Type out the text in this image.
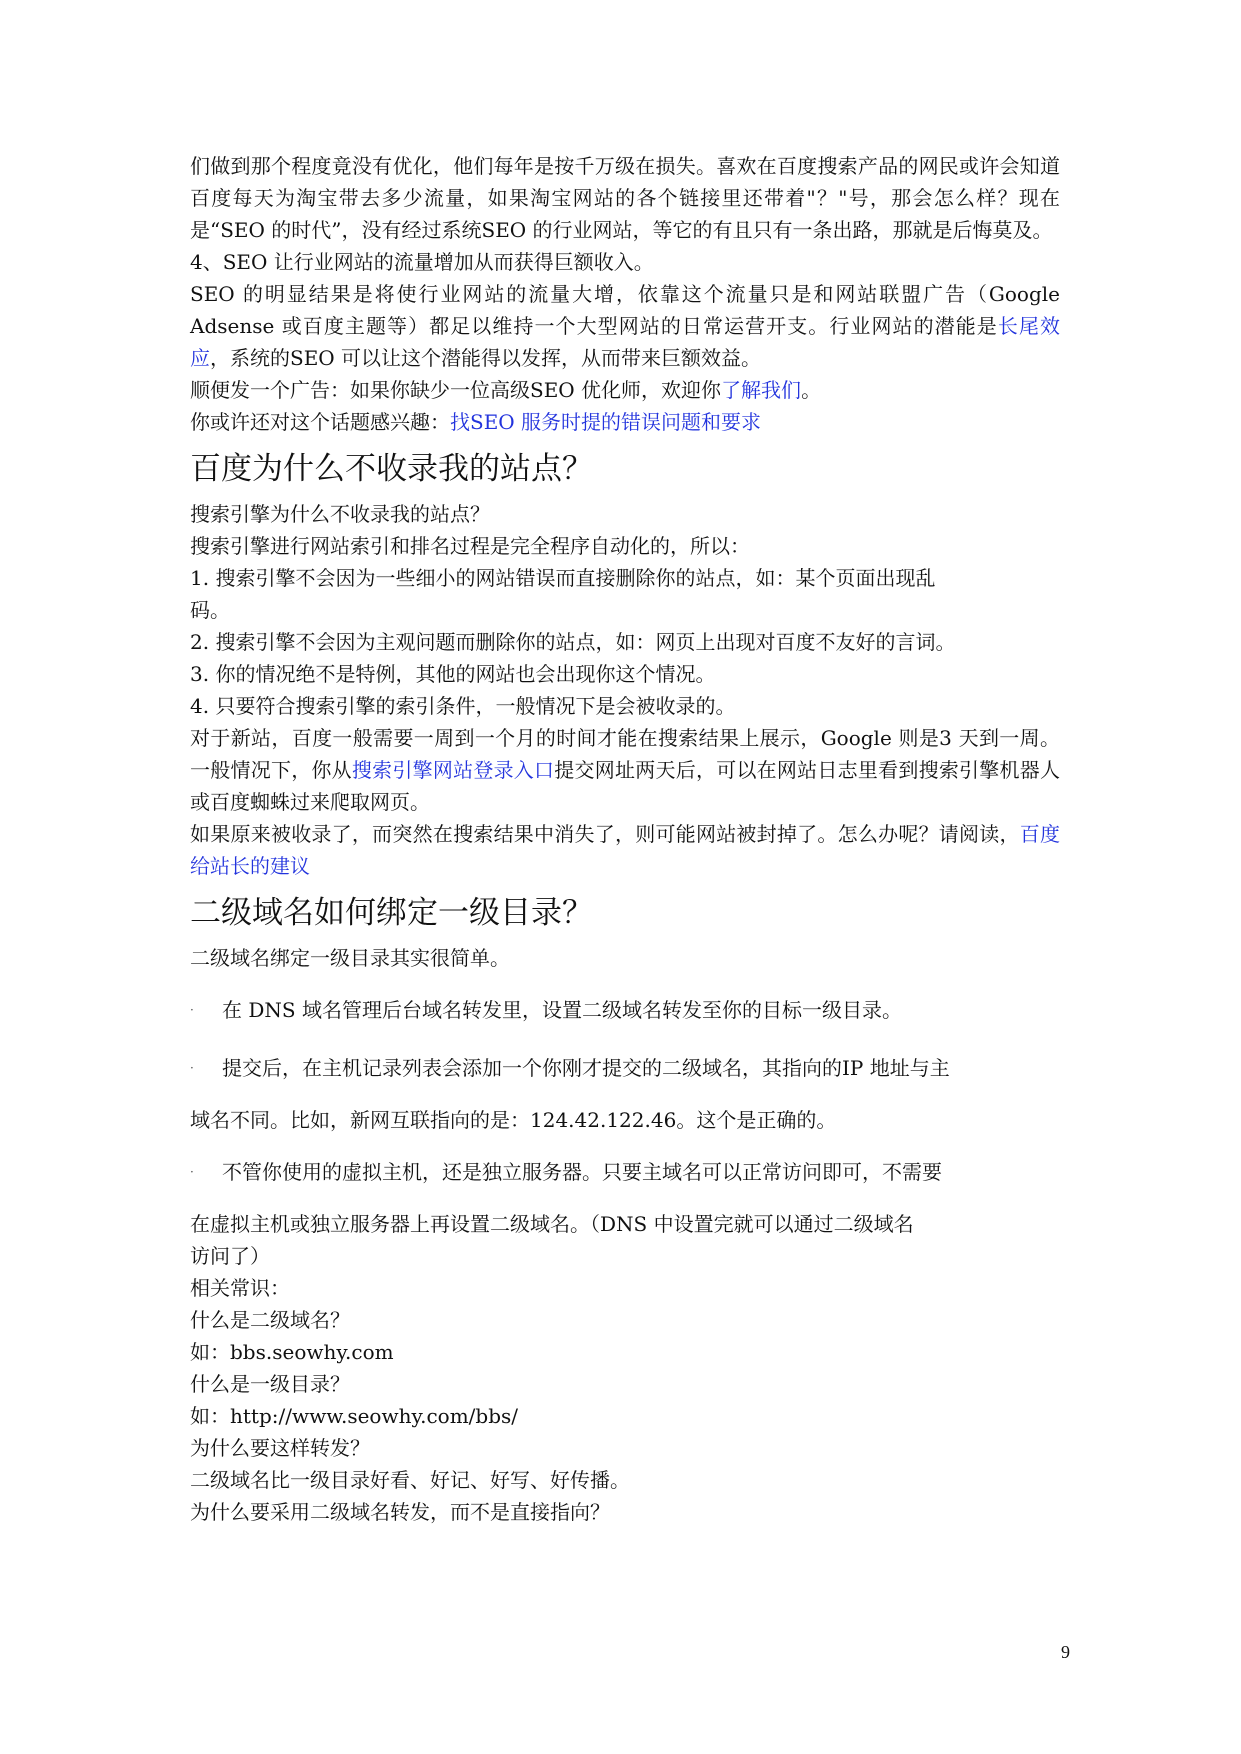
们做到那个程度竟没有优化，他们每年是按千万级在损失。喜欢在百度搜索产品的网民或许会知道百度每天为淘宝带去多少流量，如果淘宝网站的各个链接里还带着"？"号，那会怎么样？现在是“SEO 的时代”，没有经过系统SEO 的行业网站，等它的有且只有一条出路，那就是后悔莫及。

4、SEO 让行业网站的流量增加从而获得巨额收入。

SEO 的明显结果是将使行业网站的流量大增，依靠这个流量只是和网站联盟广告（Google Adsense 或百度主题等）都足以维持一个大型网站的日常运营开支。行业网站的潜能是长尾效应，系统的SEO 可以让这个潜能得以发挥，从而带来巨额效益。

顺便发一个广告：如果你缺少一位高级SEO 优化师，欢迎你了解我们。

你或许还对这个话题感兴趣：找SEO 服务时提的错误问题和要求

百度为什么不收录我的站点？

搜索引擎为什么不收录我的站点？

搜索引擎进行网站索引和排名过程是完全程序自动化的，所以：

1. 搜索引擎不会因为一些细小的网站错误而直接删除你的站点，如：某个页面出现乱

码。

2. 搜索引擎不会因为主观问题而删除你的站点，如：网页上出现对百度不友好的言词。

3. 你的情况绝不是特例，其他的网站也会出现你这个情况。

4. 只要符合搜索引擎的索引条件，一般情况下是会被收录的。

对于新站，百度一般需要一周到一个月的时间才能在搜索结果上展示，Google 则是3 天到一周。一般情况下，你从搜索引擎网站登录入口提交网址两天后，可以在网站日志里看到搜索引擎机器人或百度蜘蛛过来爬取网页。

如果原来被收录了，而突然在搜索结果中消失了，则可能网站被封掉了。怎么办呢？请阅读，百度给站长的建议

二级域名如何绑定一级目录？

二级域名绑定一级目录其实很简单。

· 在 DNS 域名管理后台域名转发里，设置二级域名转发至你的目标一级目录。

· 提交后，在主机记录列表会添加一个你刚才提交的二级域名，其指向的IP 地址与主

域名不同。比如，新网互联指向的是：124.42.122.46。这个是正确的。

· 不管你使用的虚拟主机，还是独立服务器。只要主域名可以正常访问即可，不需要

在虚拟主机或独立服务器上再设置二级域名。（DNS 中设置完就可以通过二级域名

访问了）

相关常识：

什么是二级域名？

如：bbs.seowhy.com

什么是一级目录？

如：http://www.seowhy.com/bbs/

为什么要这样转发？

二级域名比一级目录好看、好记、好写、好传播。

为什么要采用二级域名转发，而不是直接指向？

9
